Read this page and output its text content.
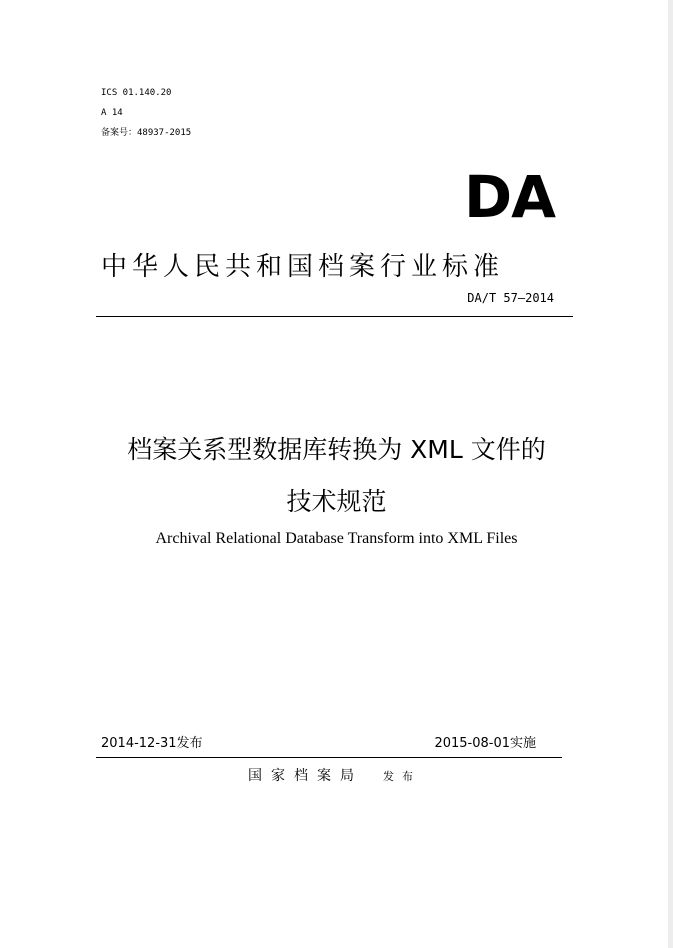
ICS 01.140.20
A 14
备案号：48937-2015
DA
中华人民共和国档案行业标准
DA/T 57—2014
档案关系型数据库转换为 XML 文件的
技术规范
Archival Relational Database Transform into XML Files
2014-12-31发布	2015-08-01实施
国家档案局 发布
